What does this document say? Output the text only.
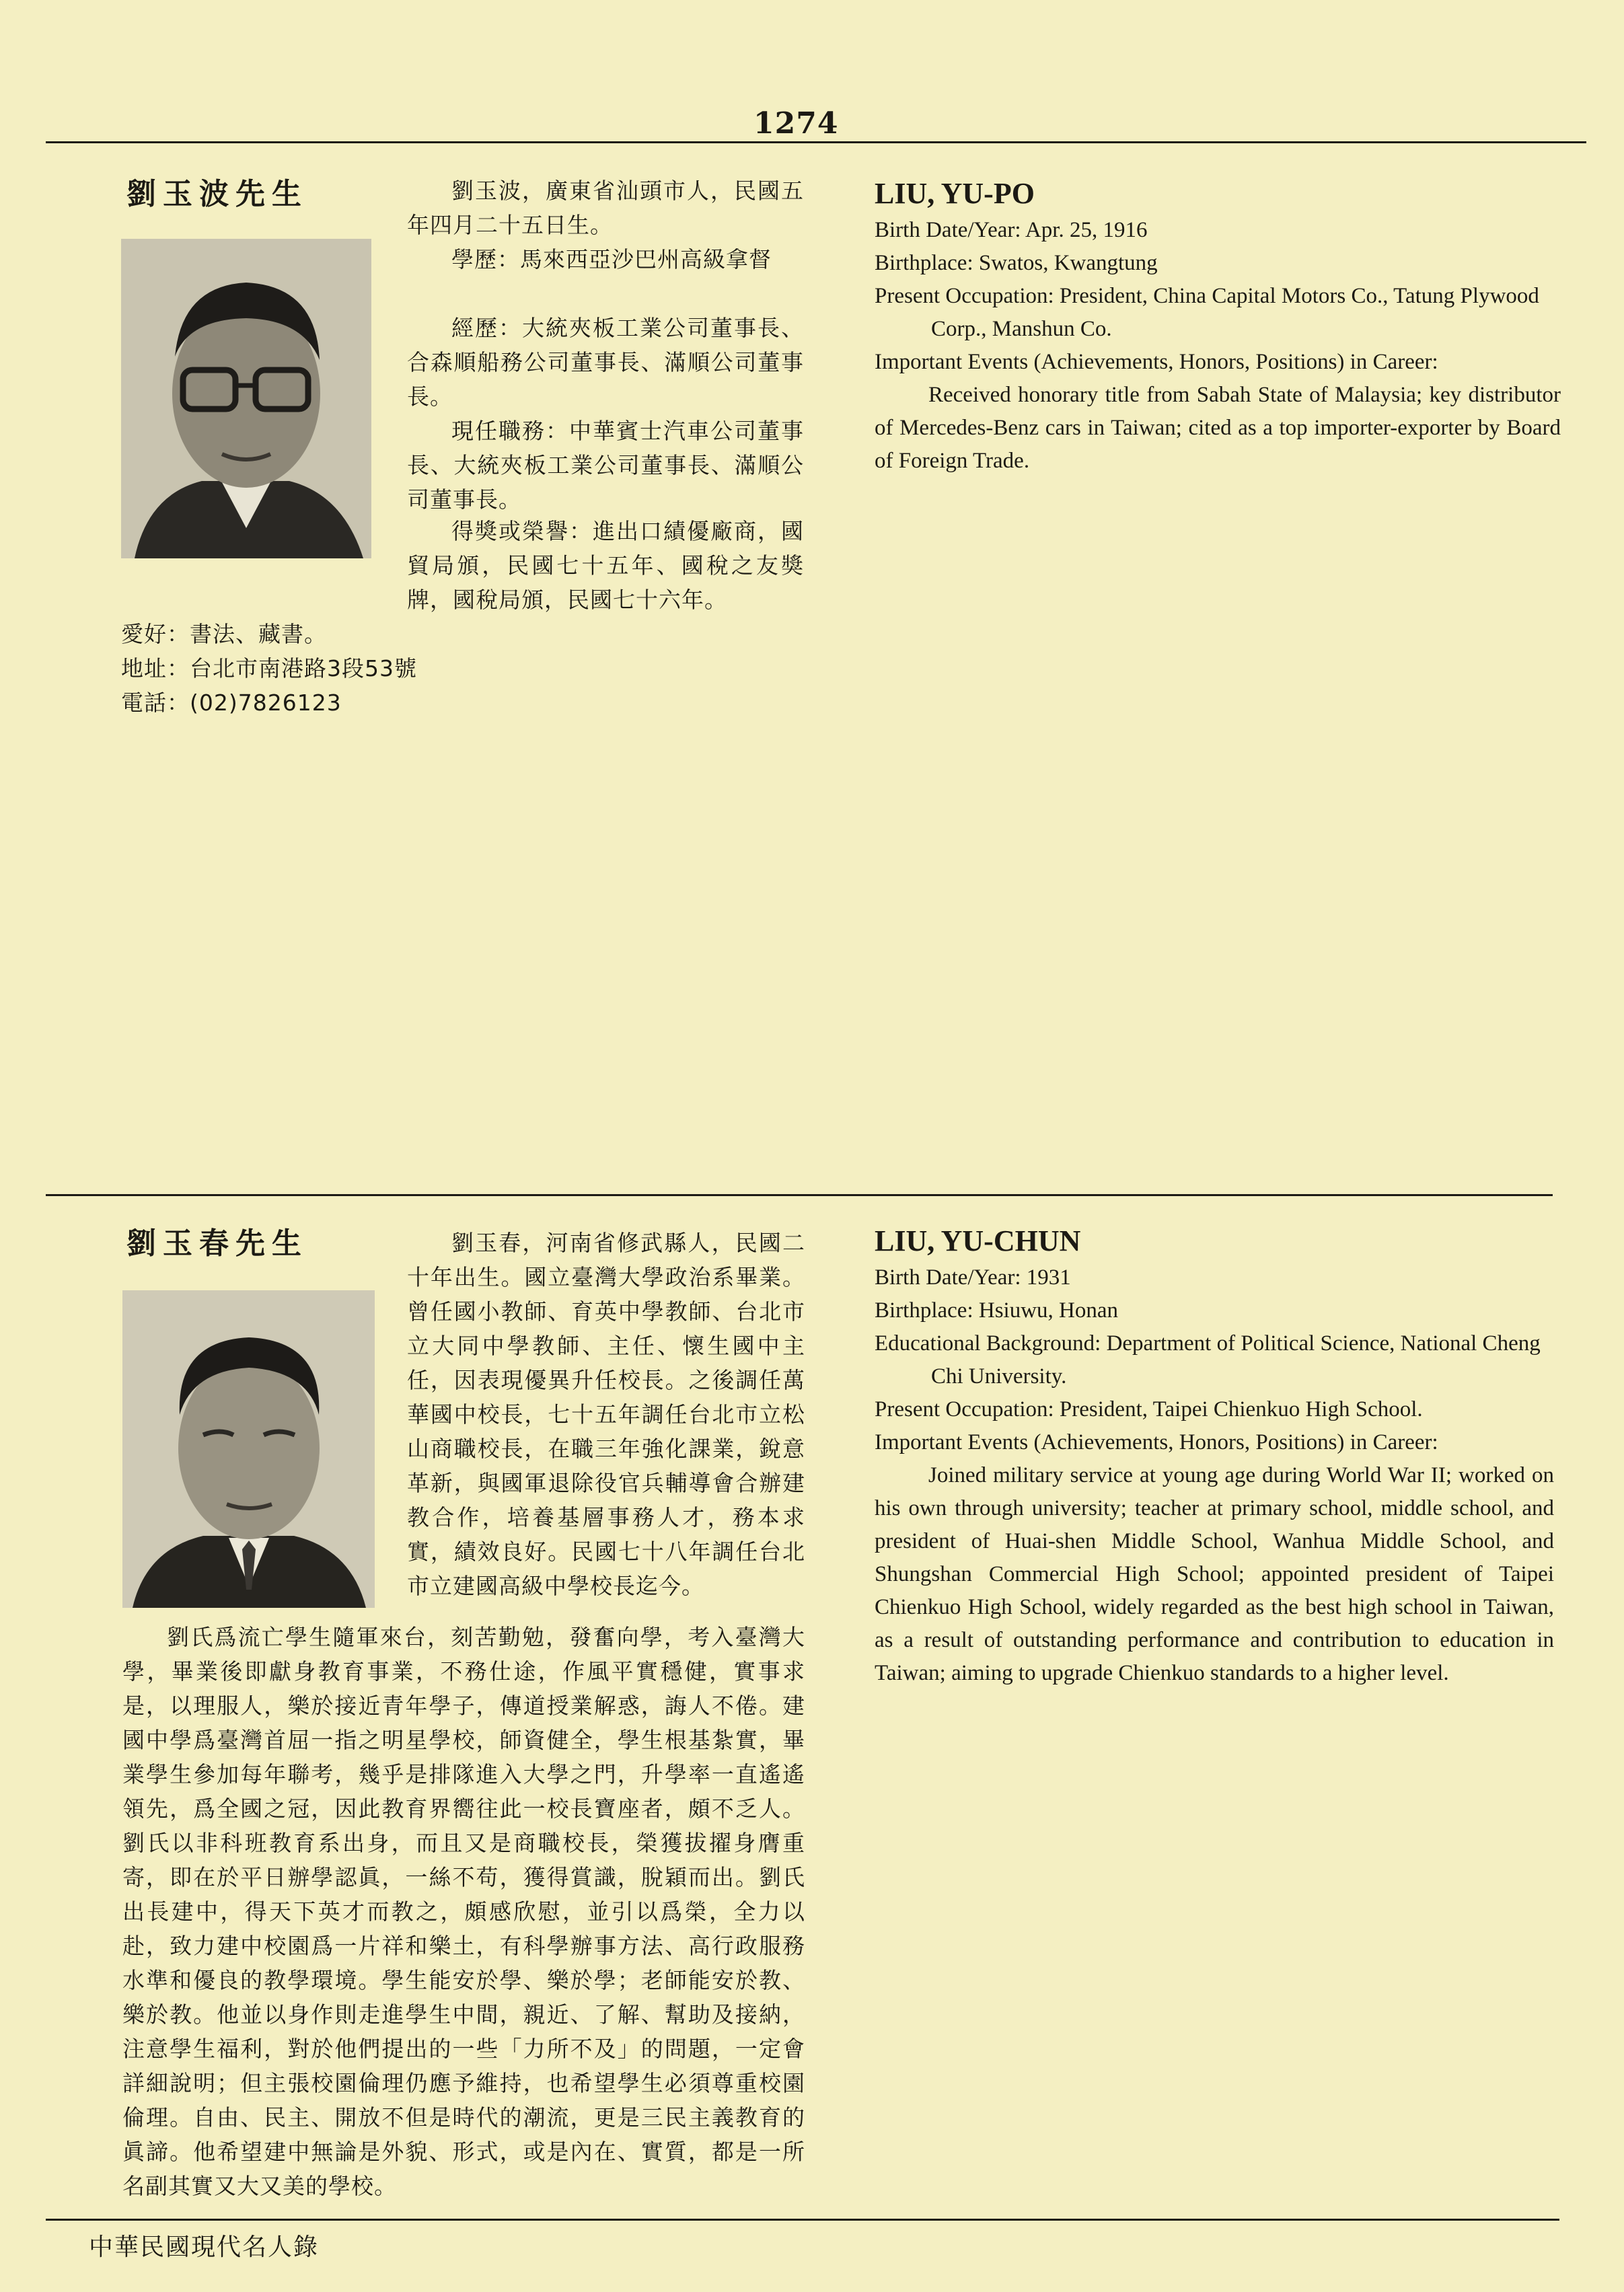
1274
劉玉波先生	劉玉波，廣東省汕頭市人，民國五年四月二十五日生。

學歷：馬來西亞沙巴州高級拿督

經歷：大統夾板工業公司董事長、合森順船務公司董事長、滿順公司董事長。

現任職務：中華賓士汽車公司董事長、大統夾板工業公司董事長、滿順公司董事長。

得獎或榮譽：進出口績優廠商，國貿局頒，民國七十五年、國稅之友獎牌，國稅局頒，民國七十六年。

愛好：書法、藏書。

地址：台北市南港路3段53號

電話：(02)7826123

LIU, YU-PO

Birth Date/Year: Apr. 25, 1916

Birthplace: Swatos, Kwangtung

Present Occupation: President, China Capital Motors Co., Tatung Plywood Corp., Manshun Co.

Important Events (Achievements, Honors, Positions) in Career:

Received honorary title from Sabah State of Malaysia; key distributor of Mercedes-Benz cars in Taiwan; cited as a top importer-exporter by Board of Foreign Trade.

劉玉春先生	劉玉春，河南省修武縣人，民國二十年出生。國立臺灣大學政治系畢業。曾任國小教師、育英中學教師、台北市立大同中學教師、主任、懷生國中主任，因表現優異升任校長。之後調任萬華國中校長，七十五年調任台北市立松山商職校長，在職三年強化課業，銳意革新，與國軍退除役官兵輔導會合辦建教合作，培養基層事務人才，務本求實，績效良好。民國七十八年調任台北市立建國高級中學校長迄今。

劉氏爲流亡學生隨軍來台，刻苦勤勉，發奮向學，考入臺灣大學，畢業後即獻身教育事業，不務仕途，作風平實穩健，實事求是，以理服人，樂於接近青年學子，傳道授業解惑，誨人不倦。建國中學爲臺灣首屈一指之明星學校，師資健全，學生根基紮實，畢業學生參加每年聯考，幾乎是排隊進入大學之門，升學率一直遙遙領先，爲全國之冠，因此教育界嚮往此一校長寶座者，頗不乏人。劉氏以非科班教育系出身，而且又是商職校長，榮獲拔擢身膺重寄，即在於平日辦學認眞，一絲不苟，獲得賞識，脫穎而出。劉氏出長建中，得天下英才而教之，頗感欣慰，並引以爲榮，全力以赴，致力建中校園爲一片祥和樂土，有科學辦事方法、高行政服務水準和優良的教學環境。學生能安於學、樂於學；老師能安於教、樂於教。他並以身作則走進學生中間，親近、了解、幫助及接納，注意學生福利，對於他們提出的一些「力所不及」的問題，一定會詳細說明；但主張校園倫理仍應予維持，也希望學生必須尊重校園倫理。自由、民主、開放不但是時代的潮流，更是三民主義教育的眞諦。他希望建中無論是外貌、形式，或是內在、實質，都是一所名副其實又大又美的學校。

LIU, YU-CHUN

Birth Date/Year: 1931

Birthplace: Hsiuwu, Honan

Educational Background: Department of Political Science, National Cheng Chi University.

Present Occupation: President, Taipei Chienkuo High School.

Important Events (Achievements, Honors, Positions) in Career:

Joined military service at young age during World War II; worked on his own through university; teacher at primary school, middle school, and president of Huai-shen Middle School, Wanhua Middle School, and Shungshan Commercial High School; appointed president of Taipei Chienkuo High School, widely regarded as the best high school in Taiwan, as a result of outstanding performance and contribution to education in Taiwan; aiming to upgrade Chienkuo standards to a higher level.

中華民國現代名人錄
